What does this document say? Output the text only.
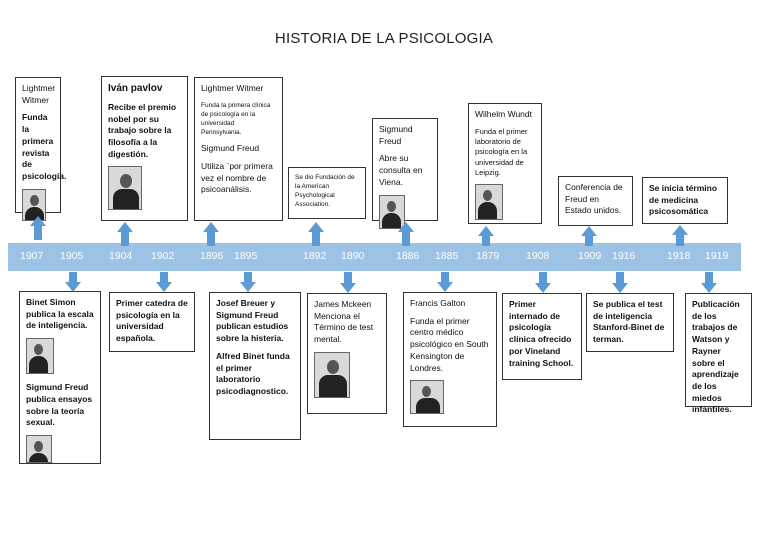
HISTORIA DE LA PSICOLOGIA
1907 1905 1904 1902 1896 1895	1892 1890	1886 1885 1879	1908	1909 1916	1918 1919

Lightmer Witmer

Funda la primera revista de psicología.

Iván pavlov

Recibe el premio nobel por su trabajo sobre la filosofía a la digestión.

Lightmer Witmer

Funda la primera clínica de psicología en la universidad Pennsylvania.

Sigmund Freud

Utiliza ¨por primera vez el nombre de psicoanálisis.

Se dio Fundación de la American Psychological Association.

Sigmund Freud

Abre su consulta en Viena.

Wilhelm Wundt

Funda el primer laboratorio de psicología en la universidad de Leipzig.

Conferencia de Freud en Estado unidos.

Se inicia término de medicina psicosomática

Binet Simon publica la escala de inteligencia.

Sigmund Freud publica ensayos sobre la teoría sexual.

Primer catedra de psicología en la universidad española.

Josef Breuer y Sigmund Freud publican estudios sobre la histeria.

Alfred Binet funda el primer laboratorio psicodiagnostico.

James Mckeen Menciona el Término de test mental.

Francis Galton

Funda el primer centro médico psicológico en South Kensington de Londres.

Primer internado de psicología clínica ofrecido por Vineland training School.

Se publica el test de inteligencia Stanford-Binet de terman.

Publicación de los trabajos de Watson y Rayner sobre el aprendizaje de los miedos infantiles.
